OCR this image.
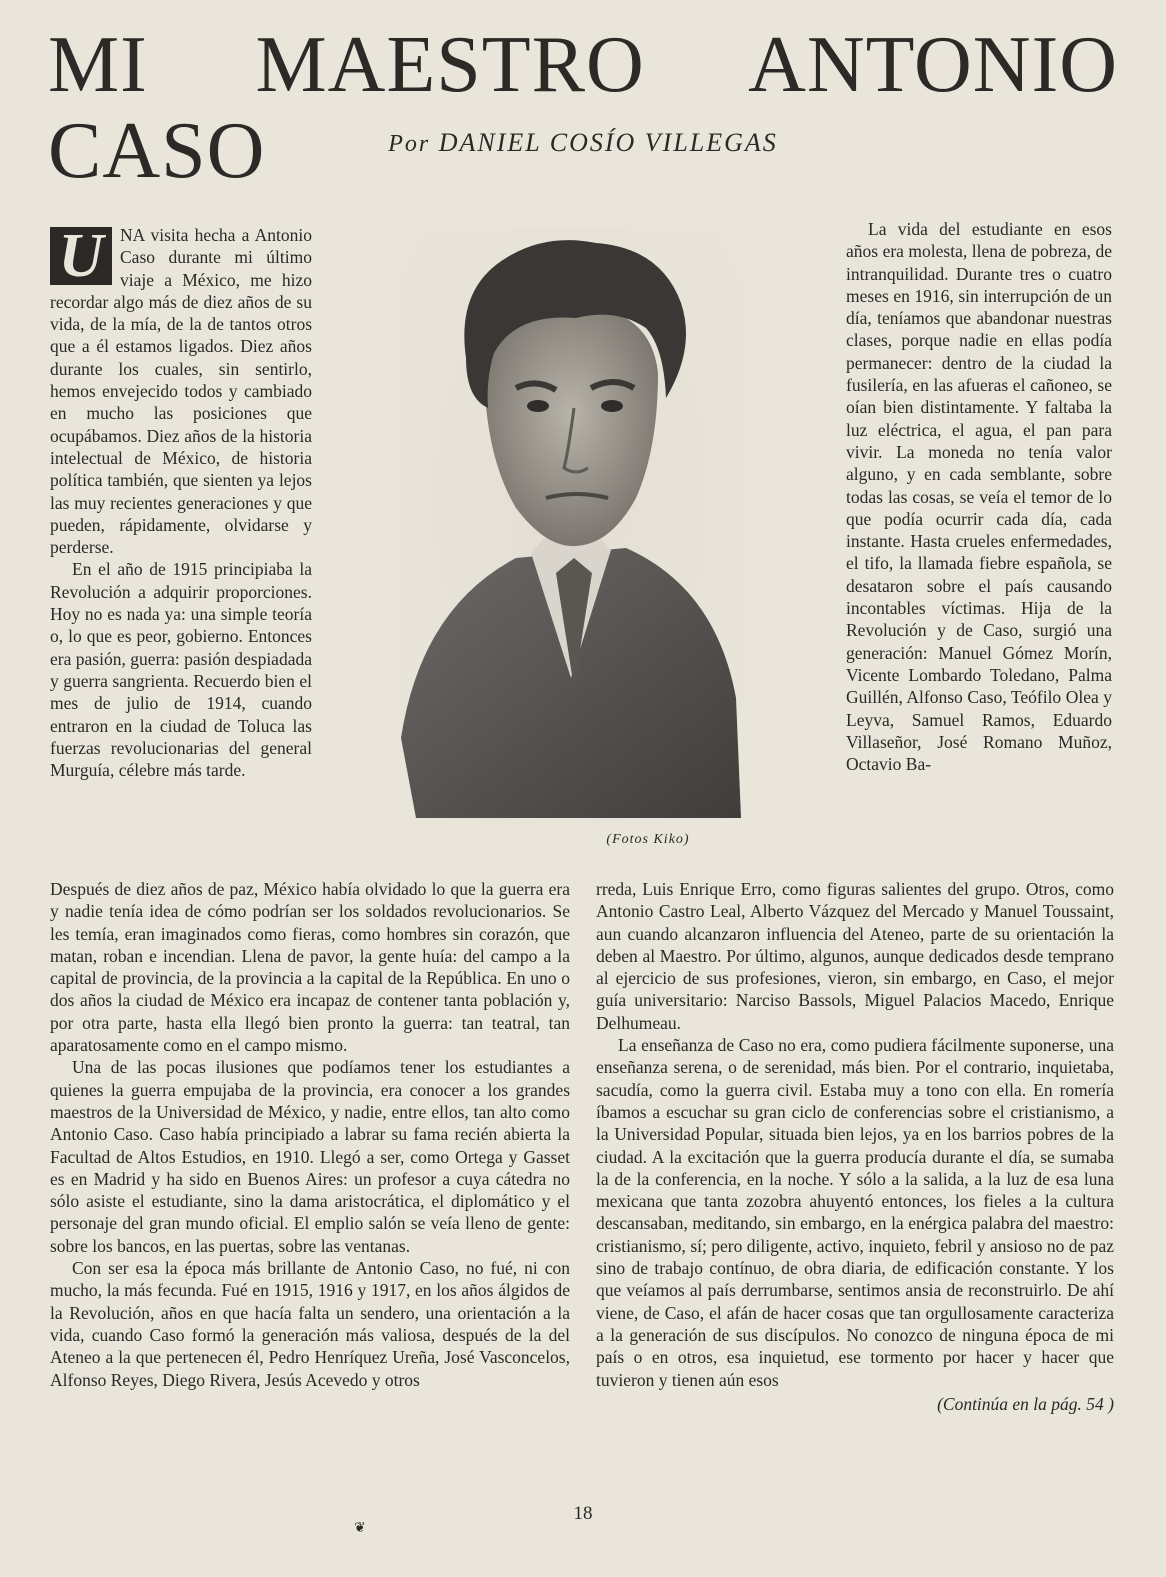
MI MAESTRO ANTONIO CASO	Por DANIEL COSÍO VILLEGAS
U NA visita hecha a Antonio Caso durante mi último viaje a México, me hizo recordar algo más de diez años de su vida, de la mía, de la de tantos otros que a él estamos ligados. Diez años durante los cuales, sin sentirlo, hemos envejecido todos y cambiado en mucho las posiciones que ocupábamos. Diez años de la historia intelectual de México, de historia política también, que sienten ya lejos las muy recientes generaciones y que pueden, rápidamente, olvidarse y perderse.

En el año de 1915 principiaba la Revolución a adquirir proporciones. Hoy no es nada ya: una simple teoría o, lo que es peor, gobierno. Entonces era pasión, guerra: pasión despiadada y guerra sangrienta. Recuerdo bien el mes de julio de 1914, cuando entraron en la ciudad de Toluca las fuerzas revolucionarias del general Murguía, célebre más tarde.

(Fotos Kiko)

La vida del estudiante en esos años era molesta, llena de pobreza, de intranquilidad. Durante tres o cuatro meses en 1916, sin interrupción de un día, teníamos que abandonar nuestras clases, porque nadie en ellas podía permanecer: dentro de la ciudad la fusilería, en las afueras el cañoneo, se oían bien distintamente. Y faltaba la luz eléctrica, el agua, el pan para vivir. La moneda no tenía valor alguno, y en cada semblante, sobre todas las cosas, se veía el temor de lo que podía ocurrir cada día, cada instante. Hasta crueles enfermedades, el tifo, la llamada fiebre española, se desataron sobre el país causando incontables víctimas. Hija de la Revolución y de Caso, surgió una generación: Manuel Gómez Morín, Vicente Lombardo Toledano, Palma Guillén, Alfonso Caso, Teófilo Olea y Leyva, Samuel Ramos, Eduardo Villaseñor, José Romano Muñoz, Octavio Ba-

Después de diez años de paz, México había olvidado lo que la guerra era y nadie tenía idea de cómo podrían ser los soldados revolucionarios. Se les temía, eran imaginados como fieras, como hombres sin corazón, que matan, roban e incendian. Llena de pavor, la gente huía: del campo a la capital de provincia, de la provincia a la capital de la República. En uno o dos años la ciudad de México era incapaz de contener tanta población y, por otra parte, hasta ella llegó bien pronto la guerra: tan teatral, tan aparatosamente como en el campo mismo.

Una de las pocas ilusiones que podíamos tener los estudiantes a quienes la guerra empujaba de la provincia, era conocer a los grandes maestros de la Universidad de México, y nadie, entre ellos, tan alto como Antonio Caso. Caso había principiado a labrar su fama recién abierta la Facultad de Altos Estudios, en 1910. Llegó a ser, como Ortega y Gasset es en Madrid y ha sido en Buenos Aires: un profesor a cuya cátedra no sólo asiste el estudiante, sino la dama aristocrática, el diplomático y el personaje del gran mundo oficial. El emplio salón se veía lleno de gente: sobre los bancos, en las puertas, sobre las ventanas.

Con ser esa la época más brillante de Antonio Caso, no fué, ni con mucho, la más fecunda. Fué en 1915, 1916 y 1917, en los años álgidos de la Revolución, años en que hacía falta un sendero, una orientación a la vida, cuando Caso formó la generación más valiosa, después de la del Ateneo a la que pertenecen él, Pedro Henríquez Ureña, José Vasconcelos, Alfonso Reyes, Diego Rivera, Jesús Acevedo y otros

rreda, Luis Enrique Erro, como figuras salientes del grupo. Otros, como Antonio Castro Leal, Alberto Vázquez del Mercado y Manuel Toussaint, aun cuando alcanzaron influencia del Ateneo, parte de su orientación la deben al Maestro. Por último, algunos, aunque dedicados desde temprano al ejercicio de sus profesiones, vieron, sin embargo, en Caso, el mejor guía universitario: Narciso Bassols, Miguel Palacios Macedo, Enrique Delhumeau.

La enseñanza de Caso no era, como pudiera fácilmente suponerse, una enseñanza serena, o de serenidad, más bien. Por el contrario, inquietaba, sacudía, como la guerra civil. Estaba muy a tono con ella. En romería íbamos a escuchar su gran ciclo de conferencias sobre el cristianismo, a la Universidad Popular, situada bien lejos, ya en los barrios pobres de la ciudad. A la excitación que la guerra producía durante el día, se sumaba la de la conferencia, en la noche. Y sólo a la salida, a la luz de esa luna mexicana que tanta zozobra ahuyentó entonces, los fieles a la cultura descansaban, meditando, sin embargo, en la enérgica palabra del maestro: cristianismo, sí; pero diligente, activo, inquieto, febril y ansioso no de paz sino de trabajo contínuo, de obra diaria, de edificación constante. Y los que veíamos al país derrumbarse, sentimos ansia de reconstruirlo. De ahí viene, de Caso, el afán de hacer cosas que tan orgullosamente caracteriza a la generación de sus discípulos. No conozco de ninguna época de mi país o en otros, esa inquietud, ese tormento por hacer y hacer que tuvieron y tienen aún esos

(Continúa en la pág. 54 )
18
❦
